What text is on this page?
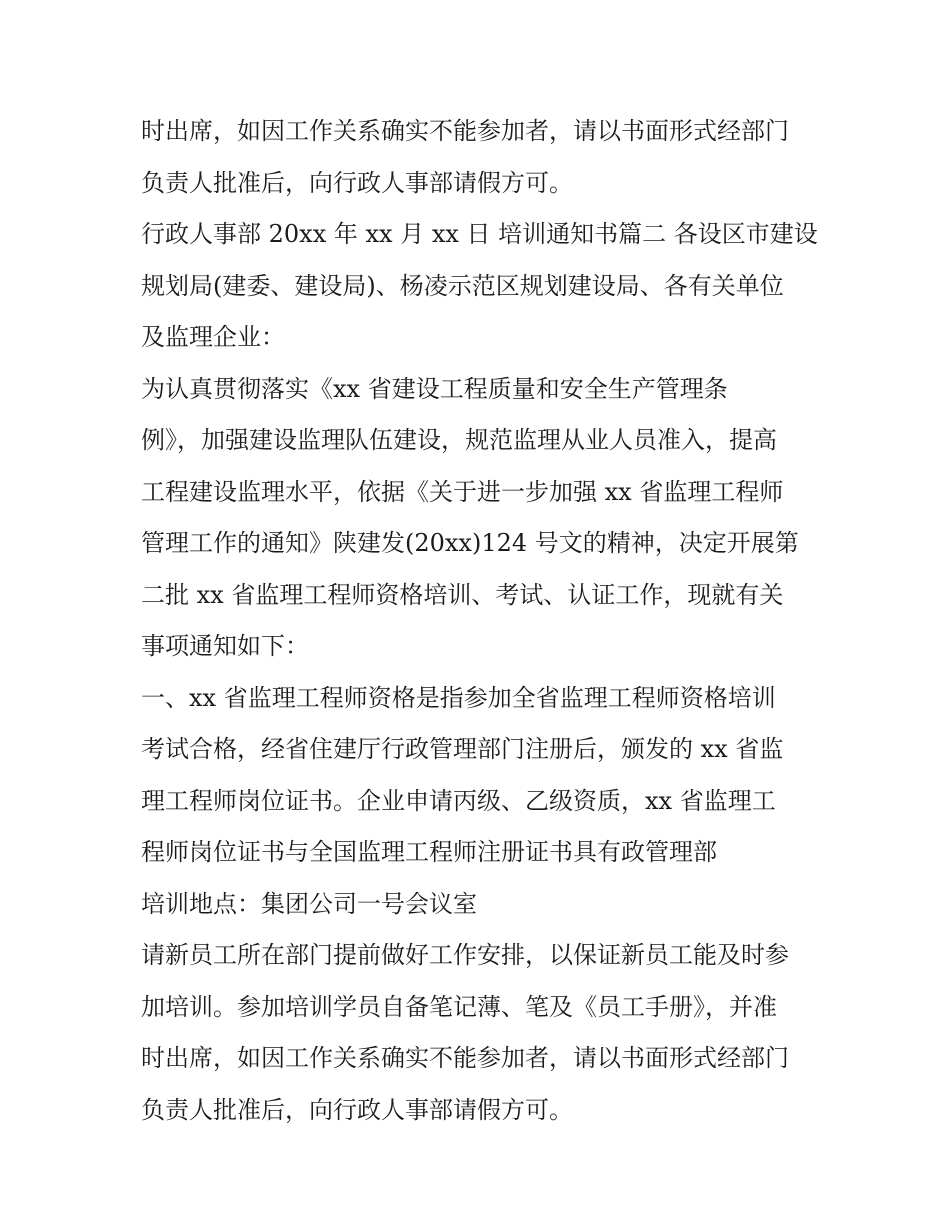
时出席，如因工作关系确实不能参加者，请以书面形式经部门
负责人批准后，向行政人事部请假方可。
行政人事部 20xx 年 xx 月 xx 日 培训通知书篇二 各设区市建设
规划局(建委、建设局)、杨凌示范区规划建设局、各有关单位
及监理企业：
为认真贯彻落实《xx 省建设工程质量和安全生产管理条
例》，加强建设监理队伍建设，规范监理从业人员准入，提高
工程建设监理水平，依据《关于进一步加强 xx 省监理工程师
管理工作的通知》陕建发(20xx)124 号文的精神，决定开展第
二批 xx 省监理工程师资格培训、考试、认证工作，现就有关
事项通知如下：
一、xx 省监理工程师资格是指参加全省监理工程师资格培训
考试合格，经省住建厅行政管理部门注册后，颁发的 xx 省监
理工程师岗位证书。企业申请丙级、乙级资质，xx 省监理工
程师岗位证书与全国监理工程师注册证书具有政管理部
培训地点：集团公司一号会议室
请新员工所在部门提前做好工作安排，以保证新员工能及时参
加培训。参加培训学员自备笔记薄、笔及《员工手册》，并准
时出席，如因工作关系确实不能参加者，请以书面形式经部门
负责人批准后，向行政人事部请假方可。
